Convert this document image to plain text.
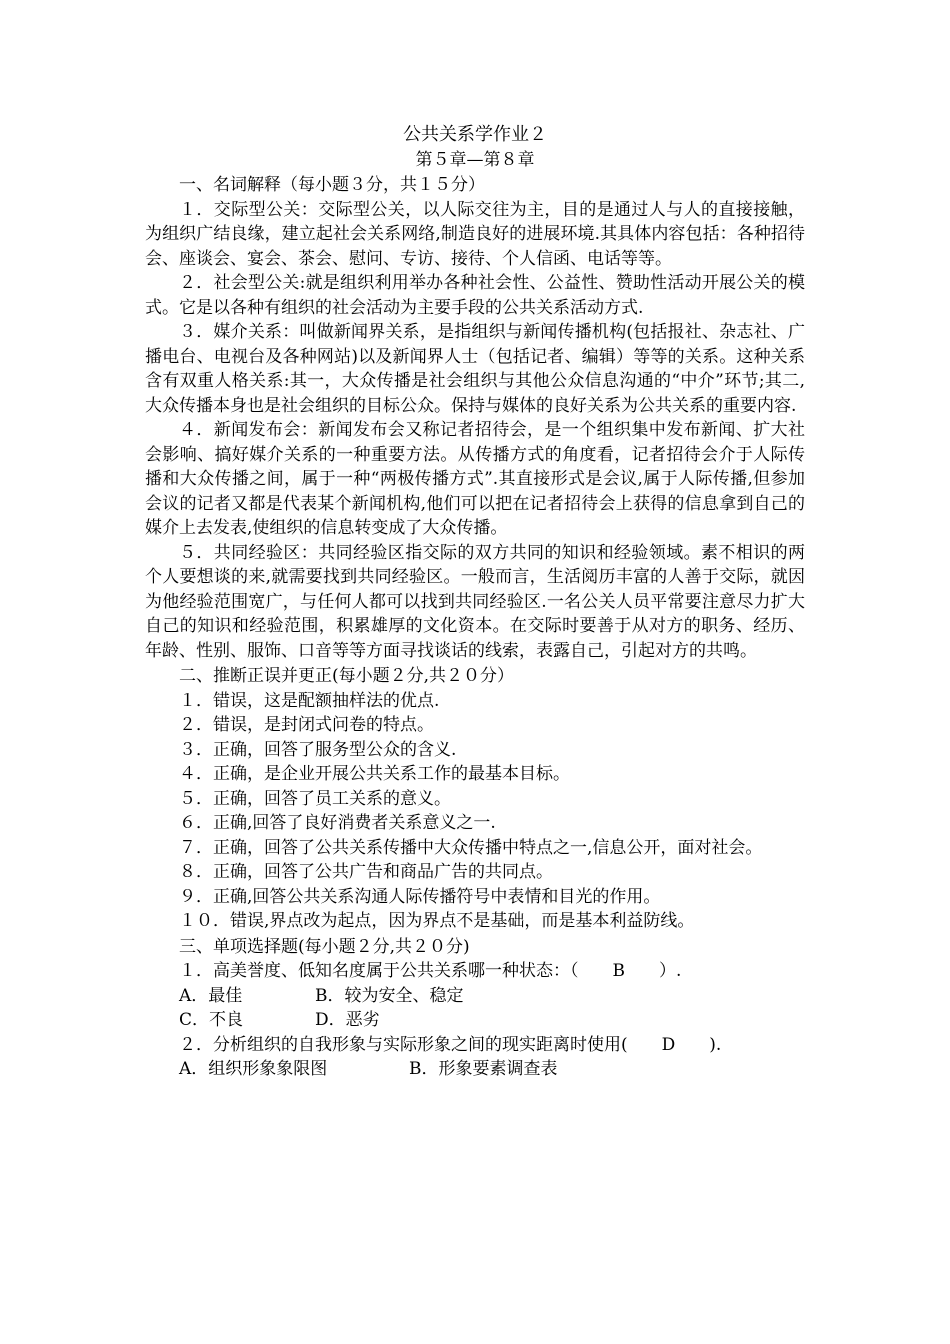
公共关系学作业２
第５章—第８章
一、名词解释（每小题３分，共１５分）

１．交际型公关：交际型公关，以人际交往为主，目的是通过人与人的直接接触，为组织广结良缘，建立起社会关系网络,制造良好的进展环境.其具体内容包括：各种招待会、座谈会、宴会、茶会、慰问、专访、接待、个人信函、电话等等。

２．社会型公关:就是组织利用举办各种社会性、公益性、赞助性活动开展公关的模式。它是以各种有组织的社会活动为主要手段的公共关系活动方式.

３．媒介关系：叫做新闻界关系，是指组织与新闻传播机构(包括报社、杂志社、广播电台、电视台及各种网站)以及新闻界人士（包括记者、编辑）等等的关系。这种关系含有双重人格关系:其一，大众传播是社会组织与其他公众信息沟通的“中介”环节;其二,大众传播本身也是社会组织的目标公众。保持与媒体的良好关系为公共关系的重要内容.

４．新闻发布会：新闻发布会又称记者招待会，是一个组织集中发布新闻、扩大社会影响、搞好媒介关系的一种重要方法。从传播方式的角度看，记者招待会介于人际传播和大众传播之间，属于一种“两极传播方式”.其直接形式是会议,属于人际传播,但参加会议的记者又都是代表某个新闻机构,他们可以把在记者招待会上获得的信息拿到自己的媒介上去发表,使组织的信息转变成了大众传播。

５．共同经验区：共同经验区指交际的双方共同的知识和经验领域。素不相识的两个人要想谈的来,就需要找到共同经验区。一般而言，生活阅历丰富的人善于交际，就因为他经验范围宽广，与任何人都可以找到共同经验区.一名公关人员平常要注意尽力扩大自己的知识和经验范围，积累雄厚的文化资本。在交际时要善于从对方的职务、经历、年龄、性别、服饰、口音等等方面寻找谈话的线索，表露自己，引起对方的共鸣。

二、推断正误并更正(每小题２分,共２０分）

１．错误，这是配额抽样法的优点.

２．错误，是封闭式问卷的特点。

３．正确，回答了服务型公众的含义.

４．正确，是企业开展公共关系工作的最基本目标。

５．正确，回答了员工关系的意义。

６．正确,回答了良好消费者关系意义之一.

７．正确，回答了公共关系传播中大众传播中特点之一,信息公开，面对社会。

８．正确，回答了公共广告和商品广告的共同点。

９．正确,回答公共关系沟通人际传播符号中表情和目光的作用。

１０．错误,界点改为起点，因为界点不是基础，而是基本利益防线。

三、单项选择题(每小题２分,共２０分)
１．高美誉度、低知名度属于公共关系哪一种状态：（　　B　　）.
A．最佳	B．较为安全、稳定
C．不良	D．恶劣
２．分析组织的自我形象与实际形象之间的现实距离时使用(　　D　　).
A．组织形象象限图	B．形象要素调查表
